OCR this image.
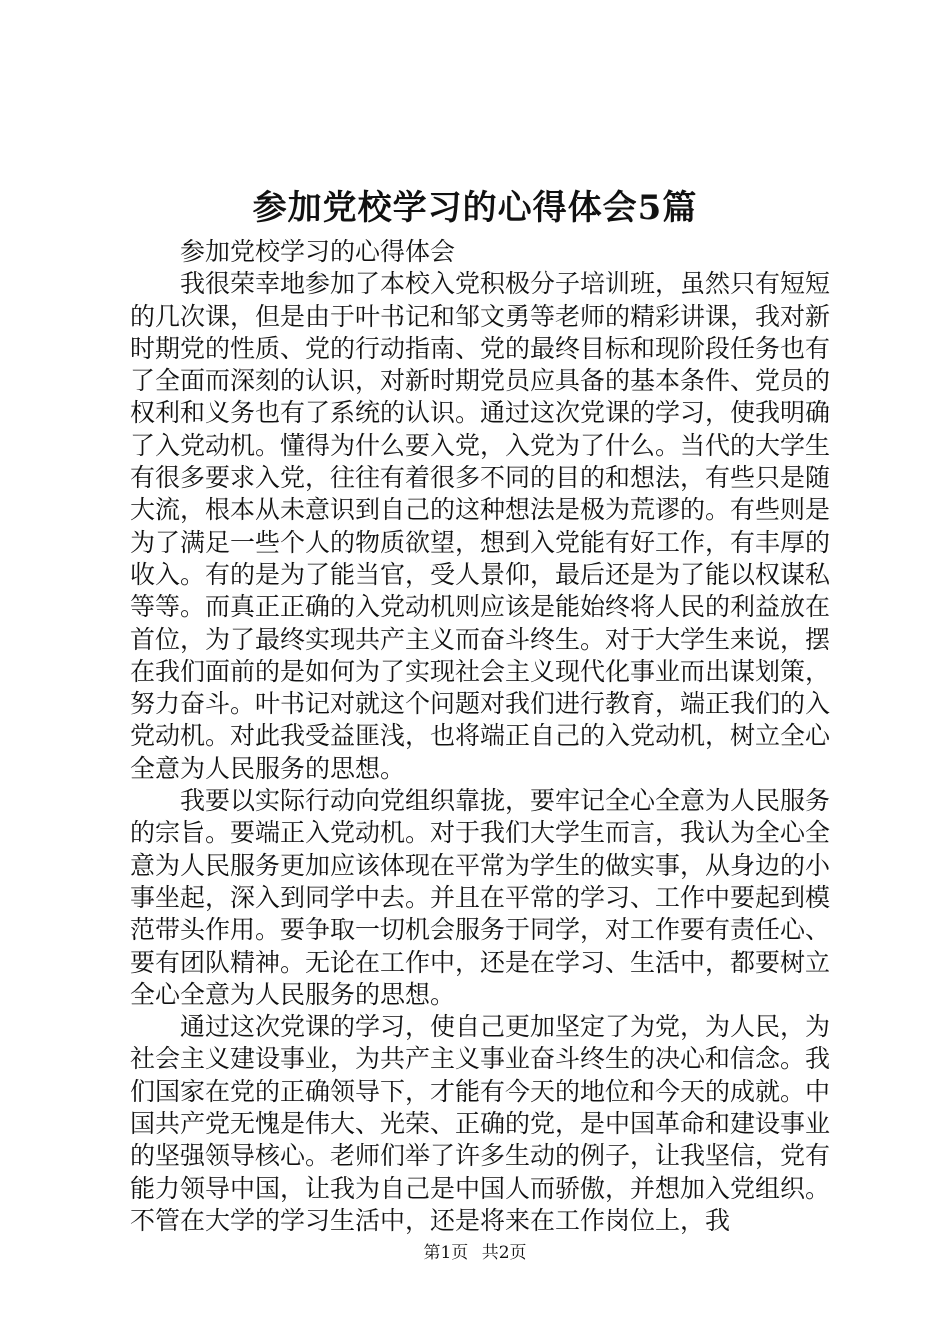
参加党校学习的心得体会5篇

参加党校学习的心得体会

我很荣幸地参加了本校入党积极分子培训班，虽然只有短短的几次课，但是由于叶书记和邹文勇等老师的精彩讲课，我对新时期党的性质、党的行动指南、党的最终目标和现阶段任务也有了全面而深刻的认识，对新时期党员应具备的基本条件、党员的权利和义务也有了系统的认识。通过这次党课的学习，使我明确了入党动机。懂得为什么要入党，入党为了什么。当代的大学生有很多要求入党，往往有着很多不同的目的和想法，有些只是随大流，根本从未意识到自己的这种想法是极为荒谬的。有些则是为了满足一些个人的物质欲望，想到入党能有好工作，有丰厚的收入。有的是为了能当官，受人景仰，最后还是为了能以权谋私等等。而真正正确的入党动机则应该是能始终将人民的利益放在首位，为了最终实现共产主义而奋斗终生。对于大学生来说，摆在我们面前的是如何为了实现社会主义现代化事业而出谋划策，努力奋斗。叶书记对就这个问题对我们进行教育，端正我们的入党动机。对此我受益匪浅，也将端正自己的入党动机，树立全心全意为人民服务的思想。

我要以实际行动向党组织靠拢，要牢记全心全意为人民服务的宗旨。要端正入党动机。对于我们大学生而言，我认为全心全意为人民服务更加应该体现在平常为学生的做实事，从身边的小事坐起，深入到同学中去。并且在平常的学习、工作中要起到模范带头作用。要争取一切机会服务于同学，对工作要有责任心、要有团队精神。无论在工作中，还是在学习、生活中，都要树立全心全意为人民服务的思想。

通过这次党课的学习，使自己更加坚定了为党，为人民，为社会主义建设事业，为共产主义事业奋斗终生的决心和信念。我们国家在党的正确领导下，才能有今天的地位和今天的成就。中国共产党无愧是伟大、光荣、正确的党，是中国革命和建设事业的坚强领导核心。老师们举了许多生动的例子，让我坚信，党有能力领导中国，让我为自己是中国人而骄傲，并想加入党组织。不管在大学的学习生活中，还是将来在工作岗位上，我

第1页 共2页
